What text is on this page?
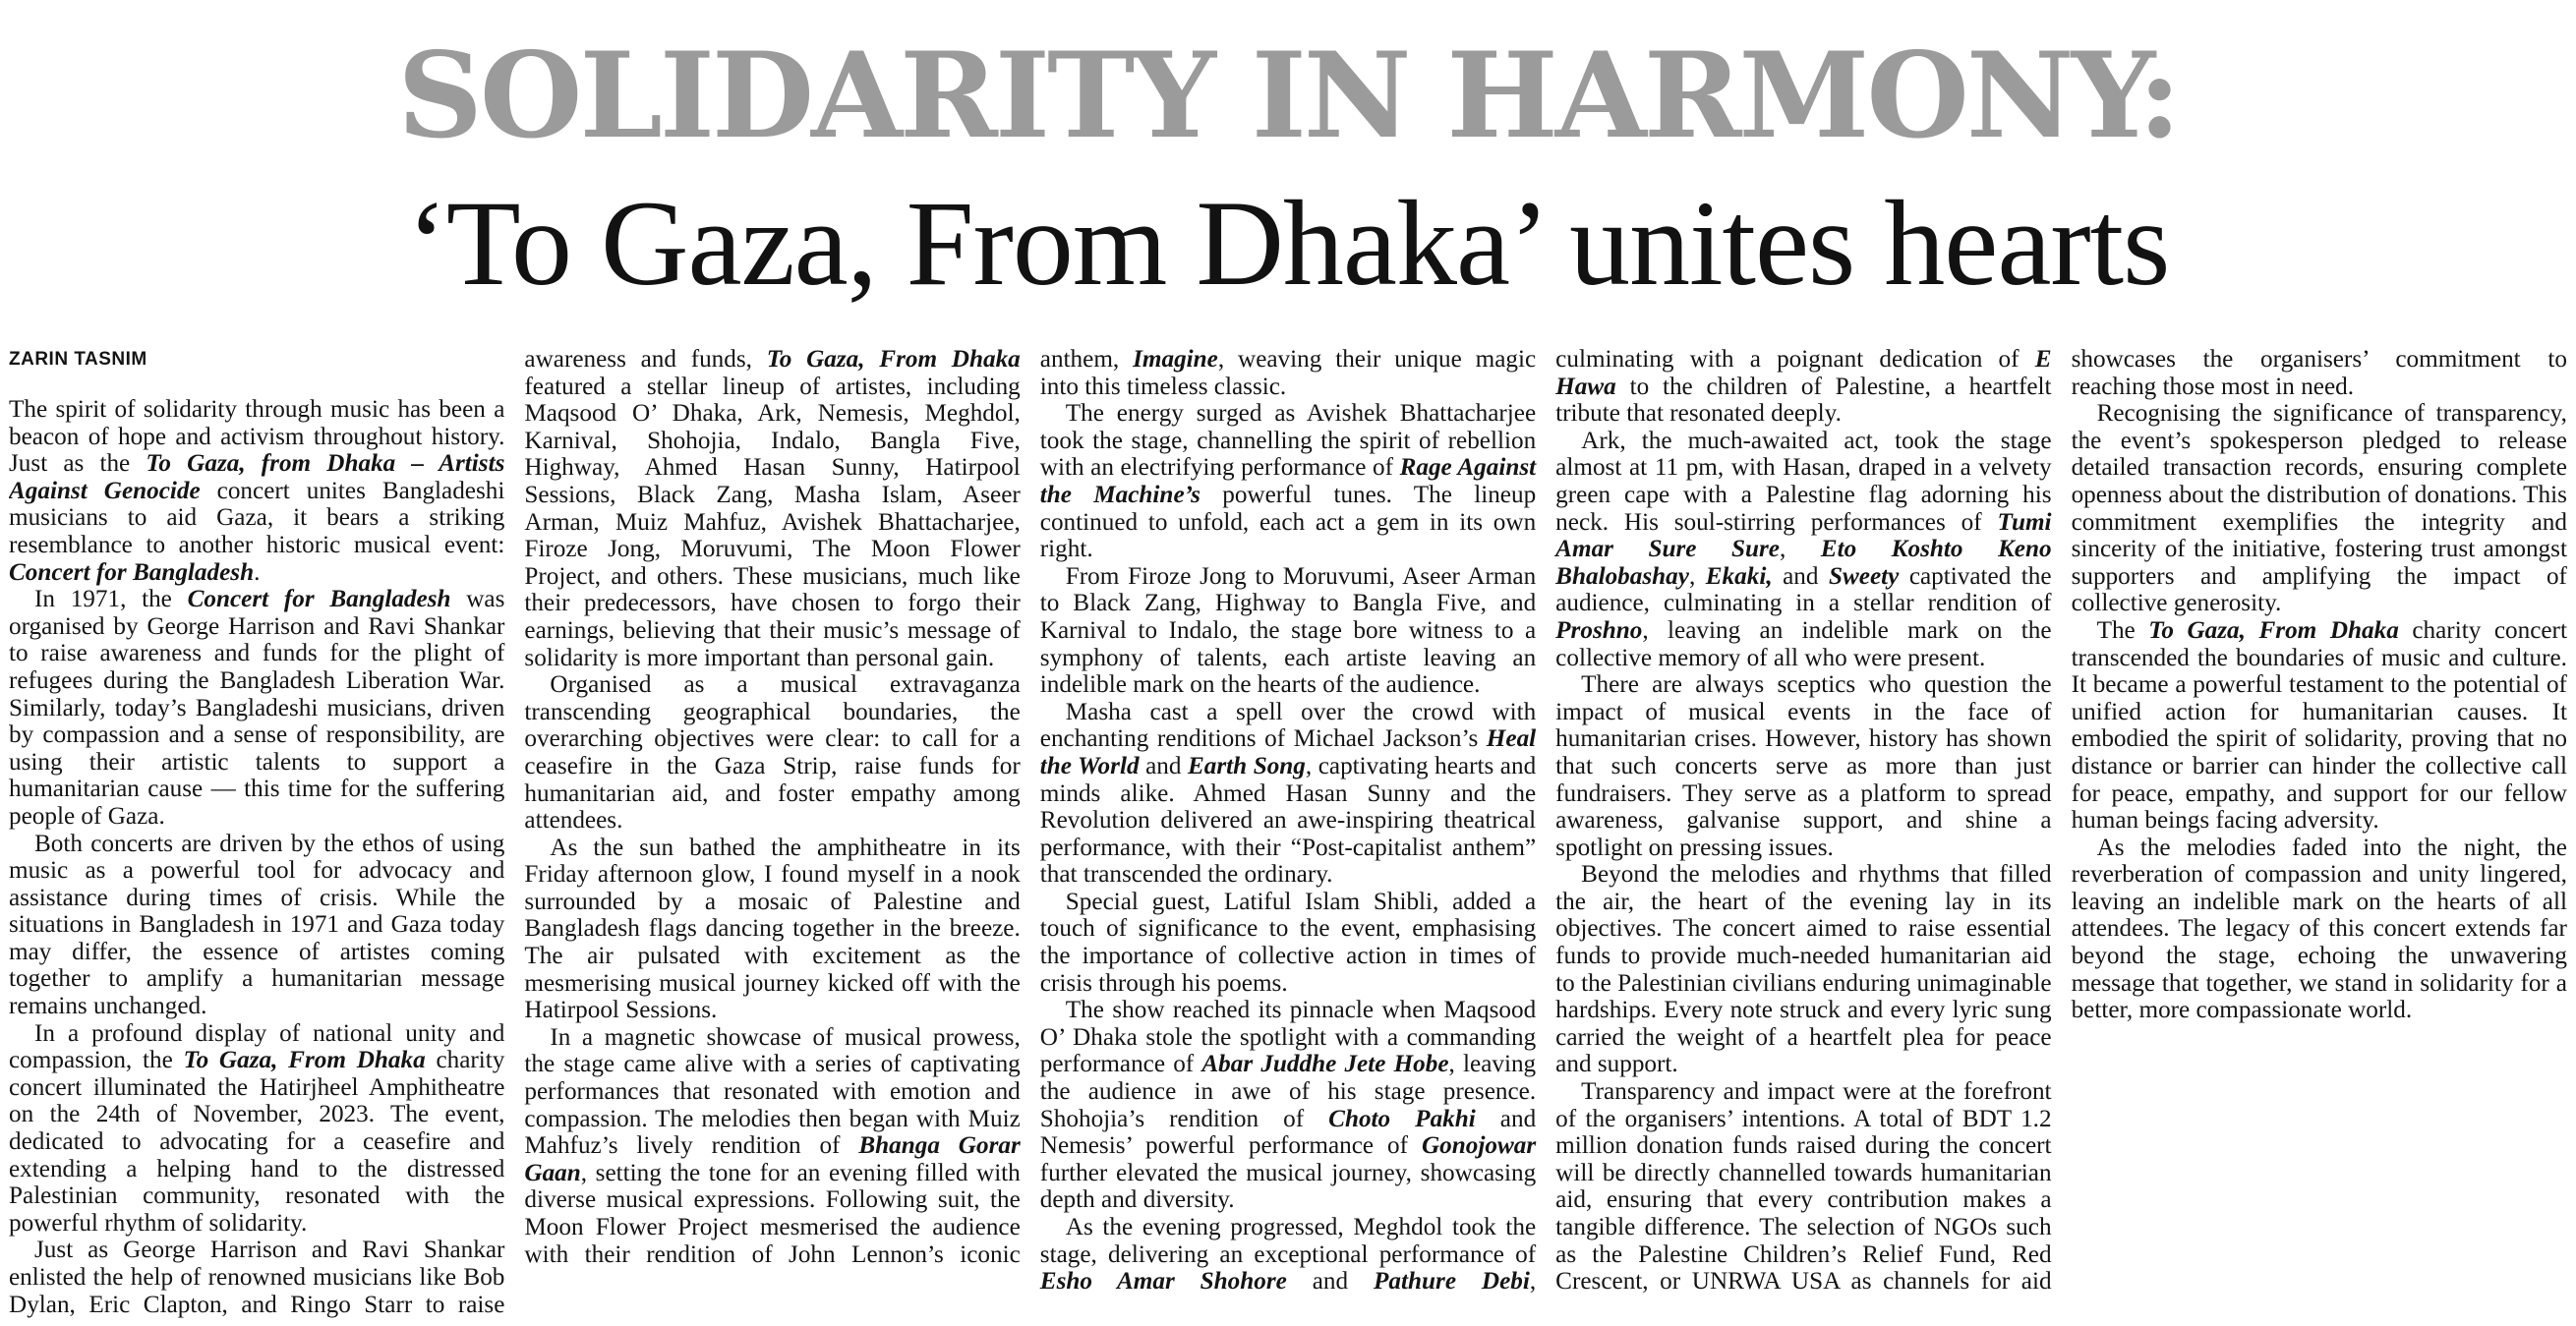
SOLIDARITY IN HARMONY:
‘To Gaza, From Dhaka’ unites hearts
ZARIN TASNIM

The spirit of solidarity through music has been a beacon of hope and activism throughout history. Just as the To Gaza, from Dhaka – Artists Against Genocide concert unites Bangladeshi musicians to aid Gaza, it bears a striking resemblance to another historic musical event: Concert for Bangladesh.

In 1971, the Concert for Bangladesh was organised by George Harrison and Ravi Shankar to raise awareness and funds for the plight of refugees during the Bangladesh Liberation War. Similarly, today’s Bangladeshi musicians, driven by compassion and a sense of responsibility, are using their artistic talents to support a humanitarian cause — this time for the suffering people of Gaza.

Both concerts are driven by the ethos of using music as a powerful tool for advocacy and assistance during times of crisis. While the situations in Bangladesh in 1971 and Gaza today may differ, the essence of artistes coming together to amplify a humanitarian message remains unchanged.

In a profound display of national unity and compassion, the To Gaza, From Dhaka charity concert illuminated the Hatirjheel Amphitheatre on the 24th of November, 2023. The event, dedicated to advocating for a ceasefire and extending a helping hand to the distressed Palestinian community, resonated with the powerful rhythm of solidarity.

Just as George Harrison and Ravi Shankar enlisted the help of renowned musicians like Bob Dylan, Eric Clapton, and Ringo Starr to raise awareness and funds, To Gaza, From Dhaka featured a stellar lineup of artistes, including Maqsood O’ Dhaka, Ark, Nemesis, Meghdol, Karnival, Shohojia, Indalo, Bangla Five, Highway, Ahmed Hasan Sunny, Hatirpool Sessions, Black Zang, Masha Islam, Aseer Arman, Muiz Mahfuz, Avishek Bhattacharjee, Firoze Jong, Moruvumi, The Moon Flower Project, and others. These musicians, much like their predecessors, have chosen to forgo their earnings, believing that their music’s message of solidarity is more important than personal gain.

Organised as a musical extravaganza transcending geographical boundaries, the overarching objectives were clear: to call for a ceasefire in the Gaza Strip, raise funds for humanitarian aid, and foster empathy among attendees.

As the sun bathed the amphitheatre in its Friday afternoon glow, I found myself in a nook surrounded by a mosaic of Palestine and Bangladesh flags dancing together in the breeze. The air pulsated with excitement as the mesmerising musical journey kicked off with the Hatirpool Sessions.

In a magnetic showcase of musical prowess, the stage came alive with a series of captivating performances that resonated with emotion and compassion. The melodies then began with Muiz Mahfuz’s lively rendition of Bhanga Gorar Gaan, setting the tone for an evening filled with diverse musical expressions. Following suit, the Moon Flower Project mesmerised the audience with their rendition of John Lennon’s iconic anthem, Imagine, weaving their unique magic into this timeless classic.

The energy surged as Avishek Bhattacharjee took the stage, channelling the spirit of rebellion with an electrifying performance of Rage Against the Machine’s powerful tunes. The lineup continued to unfold, each act a gem in its own right.

From Firoze Jong to Moruvumi, Aseer Arman to Black Zang, Highway to Bangla Five, and Karnival to Indalo, the stage bore witness to a symphony of talents, each artiste leaving an indelible mark on the hearts of the audience.

Masha cast a spell over the crowd with enchanting renditions of Michael Jackson’s Heal the World and Earth Song, captivating hearts and minds alike. Ahmed Hasan Sunny and the Revolution delivered an awe-inspiring theatrical performance, with their “Post-capitalist anthem” that transcended the ordinary.

Special guest, Latiful Islam Shibli, added a touch of significance to the event, emphasising the importance of collective action in times of crisis through his poems.

The show reached its pinnacle when Maqsood O’ Dhaka stole the spotlight with a commanding performance of Abar Juddhe Jete Hobe, leaving the audience in awe of his stage presence. Shohojia’s rendition of Choto Pakhi and Nemesis’ powerful performance of Gonojowar further elevated the musical journey, showcasing depth and diversity.

As the evening progressed, Meghdol took the stage, delivering an exceptional performance of Esho Amar Shohore and Pathure Debi, culminating with a poignant dedication of E Hawa to the children of Palestine, a heartfelt tribute that resonated deeply.

Ark, the much-awaited act, took the stage almost at 11 pm, with Hasan, draped in a velvety green cape with a Palestine flag adorning his neck. His soul-stirring performances of Tumi Amar Sure Sure, Eto Koshto Keno Bhalobashay, Ekaki, and Sweety captivated the audience, culminating in a stellar rendition of Proshno, leaving an indelible mark on the collective memory of all who were present.

There are always sceptics who question the impact of musical events in the face of humanitarian crises. However, history has shown that such concerts serve as more than just fundraisers. They serve as a platform to spread awareness, galvanise support, and shine a spotlight on pressing issues.

Beyond the melodies and rhythms that filled the air, the heart of the evening lay in its objectives. The concert aimed to raise essential funds to provide much-needed humanitarian aid to the Palestinian civilians enduring unimaginable hardships. Every note struck and every lyric sung carried the weight of a heartfelt plea for peace and support.

Transparency and impact were at the forefront of the organisers’ intentions. A total of BDT 1.2 million donation funds raised during the concert will be directly channelled towards humanitarian aid, ensuring that every contribution makes a tangible difference. The selection of NGOs such as the Palestine Children’s Relief Fund, Red Crescent, or UNRWA USA as channels for aid showcases the organisers’ commitment to reaching those most in need.

Recognising the significance of transparency, the event’s spokesperson pledged to release detailed transaction records, ensuring complete openness about the distribution of donations. This commitment exemplifies the integrity and sincerity of the initiative, fostering trust amongst supporters and amplifying the impact of collective generosity.

The To Gaza, From Dhaka charity concert transcended the boundaries of music and culture. It became a powerful testament to the potential of unified action for humanitarian causes. It embodied the spirit of solidarity, proving that no distance or barrier can hinder the collective call for peace, empathy, and support for our fellow human beings facing adversity.

As the melodies faded into the night, the reverberation of compassion and unity lingered, leaving an indelible mark on the hearts of all attendees. The legacy of this concert extends far beyond the stage, echoing the unwavering message that together, we stand in solidarity for a better, more compassionate world.
